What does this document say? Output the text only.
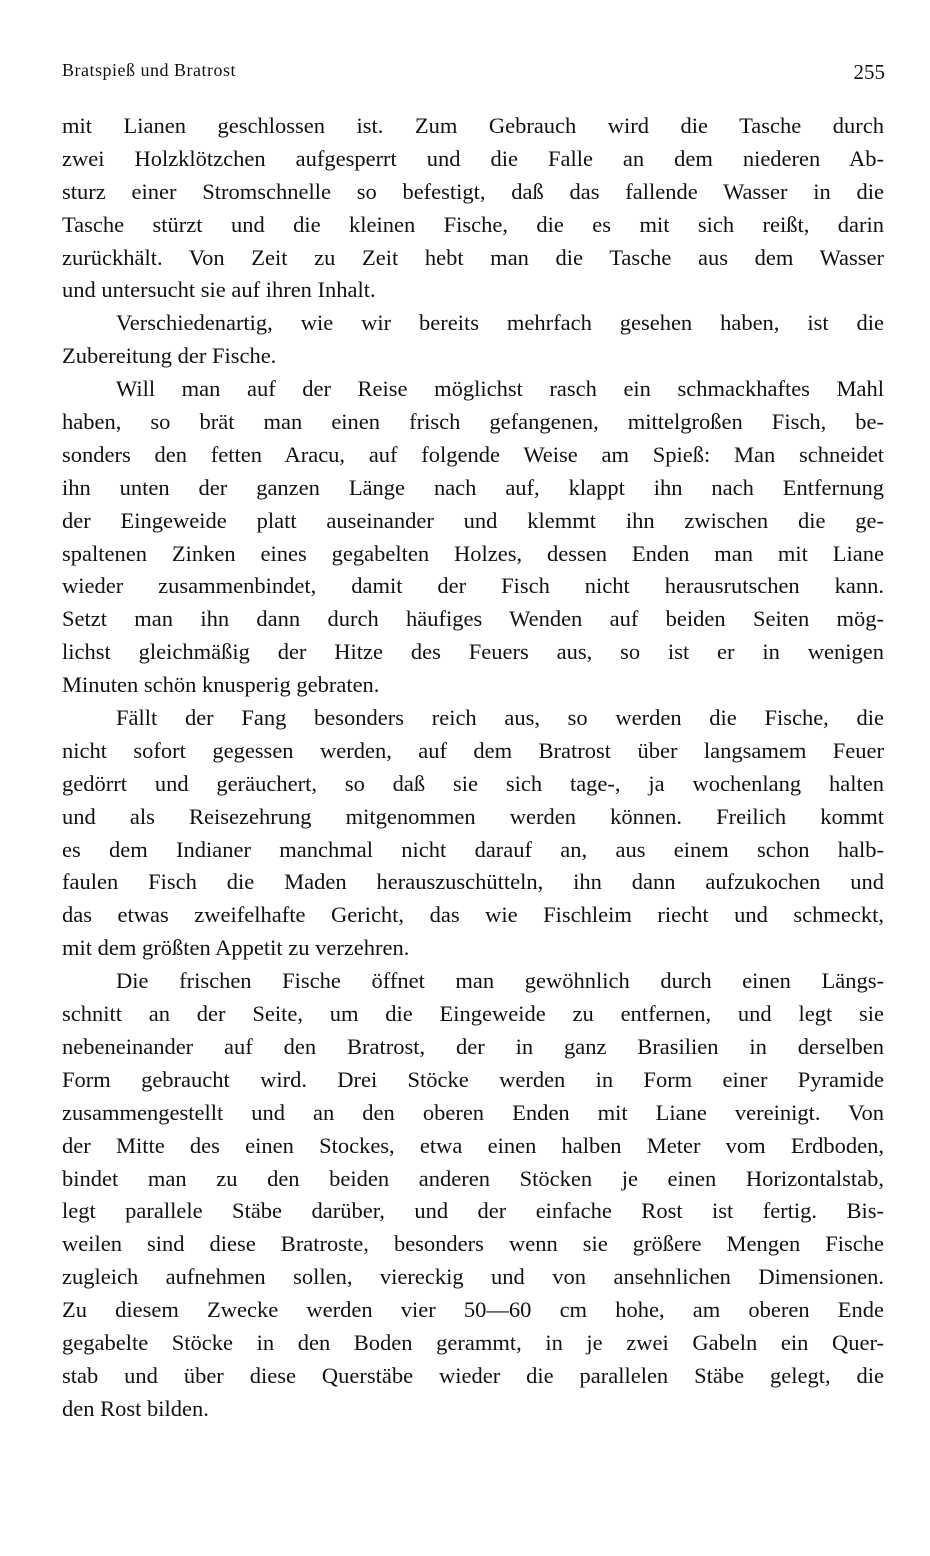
Bratspieß und Bratrost	255
mit Lianen geschlossen ist. Zum Gebrauch wird die Tasche durch
zwei Holzklötzchen aufgesperrt und die Falle an dem niederen Ab-
sturz einer Stromschnelle so befestigt, daß das fallende Wasser in die
Tasche stürzt und die kleinen Fische, die es mit sich reißt, darin
zurückhält. Von Zeit zu Zeit hebt man die Tasche aus dem Wasser
und untersucht sie auf ihren Inhalt.
Verschiedenartig, wie wir bereits mehrfach gesehen haben, ist die
Zubereitung der Fische.
Will man auf der Reise möglichst rasch ein schmackhaftes Mahl
haben, so brät man einen frisch gefangenen, mittelgroßen Fisch, be-
sonders den fetten Aracu, auf folgende Weise am Spieß: Man schneidet
ihn unten der ganzen Länge nach auf, klappt ihn nach Entfernung
der Eingeweide platt auseinander und klemmt ihn zwischen die ge-
spaltenen Zinken eines gegabelten Holzes, dessen Enden man mit Liane
wieder zusammenbindet, damit der Fisch nicht herausrutschen kann.
Setzt man ihn dann durch häufiges Wenden auf beiden Seiten mög-
lichst gleichmäßig der Hitze des Feuers aus, so ist er in wenigen
Minuten schön knusperig gebraten.
Fällt der Fang besonders reich aus, so werden die Fische, die
nicht sofort gegessen werden, auf dem Bratrost über langsamem Feuer
gedörrt und geräuchert, so daß sie sich tage-, ja wochenlang halten
und als Reisezehrung mitgenommen werden können. Freilich kommt
es dem Indianer manchmal nicht darauf an, aus einem schon halb-
faulen Fisch die Maden herauszuschütteln, ihn dann aufzukochen und
das etwas zweifelhafte Gericht, das wie Fischleim riecht und schmeckt,
mit dem größten Appetit zu verzehren.
Die frischen Fische öffnet man gewöhnlich durch einen Längs-
schnitt an der Seite, um die Eingeweide zu entfernen, und legt sie
nebeneinander auf den Bratrost, der in ganz Brasilien in derselben
Form gebraucht wird. Drei Stöcke werden in Form einer Pyramide
zusammengestellt und an den oberen Enden mit Liane vereinigt. Von
der Mitte des einen Stockes, etwa einen halben Meter vom Erdboden,
bindet man zu den beiden anderen Stöcken je einen Horizontalstab,
legt parallele Stäbe darüber, und der einfache Rost ist fertig. Bis-
weilen sind diese Bratroste, besonders wenn sie größere Mengen Fische
zugleich aufnehmen sollen, viereckig und von ansehnlichen Dimensionen.
Zu diesem Zwecke werden vier 50—60 cm hohe, am oberen Ende
gegabelte Stöcke in den Boden gerammt, in je zwei Gabeln ein Quer-
stab und über diese Querstäbe wieder die parallelen Stäbe gelegt, die
den Rost bilden.
